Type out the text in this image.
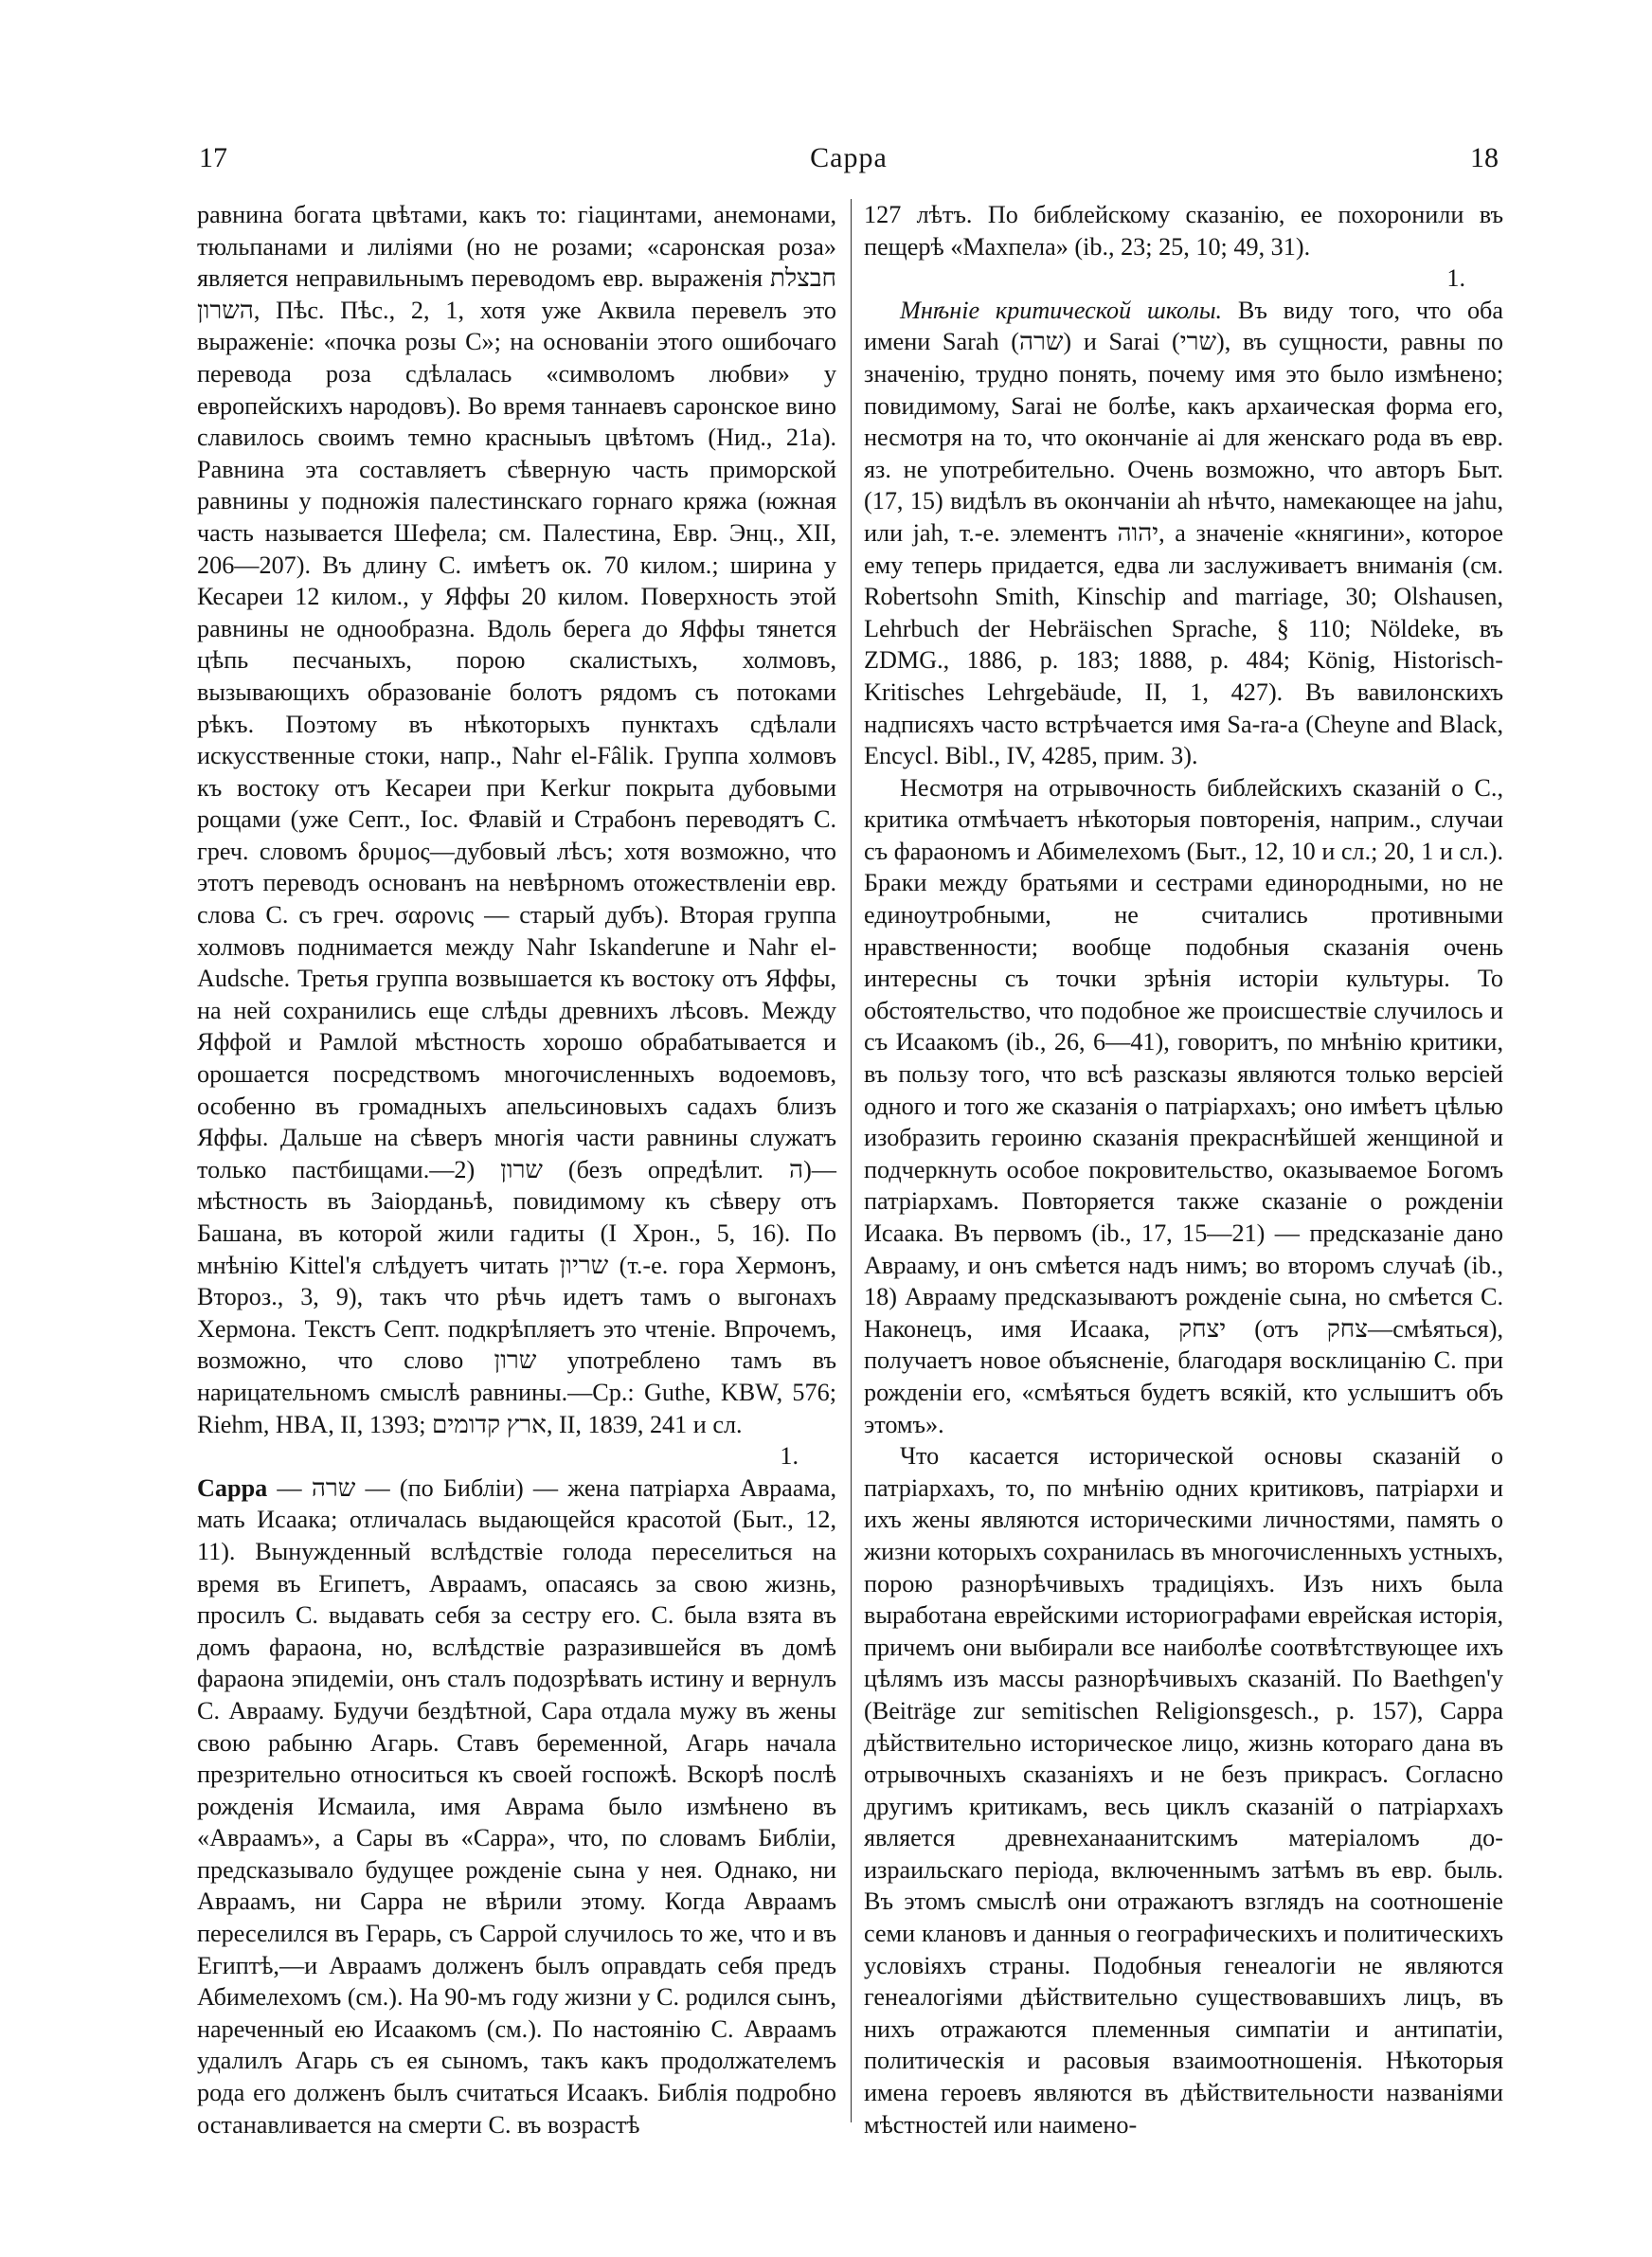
17	Сарра	18

равнина богата цвѣтами, какъ то: гіацинтами, анемонами, тюльпанами и лиліями (но не розами; «саронская роза» является неправильнымъ переводомъ евр. выраженія חבצלת השרון, Пѣс. Пѣс., 2, 1, хотя уже Аквила перевелъ это выраженіе: «почка розы С»; на основаніи этого ошибочаго перевода роза сдѣлалась «символомъ любви» у европейскихъ народовъ). Во время таннаевъ саронское вино славилось своимъ темно красныыъ цвѣтомъ (Нид., 21a). Равнина эта составляетъ сѣверную часть приморской равнины у подножія палестинскаго горнаго кряжа (южная часть называется Шефела; см. Палестина, Евр. Энц., XII, 206—207). Въ длину С. имѣетъ ок. 70 килом.; ширина у Кесареи 12 килом., у Яффы 20 килом. Поверхность этой равнины не однообразна. Вдоль берега до Яффы тянется цѣпь песчаныхъ, порою скалистыхъ, холмовъ, вызывающихъ образованіе болотъ рядомъ съ потоками рѣкъ. Поэтому въ нѣкоторыхъ пунктахъ сдѣлали искусственные стоки, напр., Nahr el-Fâlik. Группа холмовъ къ востоку отъ Кесареи при Kerkur покрыта дубовыми рощами (уже Септ., Іос. Флавій и Страбонъ переводятъ С. греч. словомъ δρυμος—дубовый лѣсъ; хотя возможно, что этотъ переводъ основанъ на невѣрномъ отожествленіи евр. слова С. съ греч. σαρονις — старый дубъ). Вторая группа холмовъ поднимается между Nahr Iskanderune и Nahr el-Audsche. Третья группа возвышается къ востоку отъ Яффы, на ней сохранились еще слѣды древнихъ лѣсовъ. Между Яффой и Рамлой мѣстность хорошо обрабатывается и орошается посредствомъ многочисленныхъ водоемовъ, особенно въ громадныхъ апельсиновыхъ садахъ близъ Яффы. Дальше на сѣверъ многія части равнины служатъ только пастбищами.—2) שרון (безъ опредѣлит. ה)—мѣстность въ Заіорданьѣ, повидимому къ сѣверу отъ Башана, въ которой жили гадиты (I Хрон., 5, 16). По мнѣнію Kittel'я слѣдуетъ читать שריון (т.-е. гора Хермонъ, Второз., 3, 9), такъ что рѣчь идетъ тамъ о выгонахъ Хермона. Текстъ Септ. подкрѣпляетъ это чтеніе. Впрочемъ, возможно, что слово שרון употреблено тамъ въ нарицательномъ смыслѣ равнины.—Ср.: Guthe, KBW, 576; Riehm, HBA, II, 1393; ארץ קדומים, II, 1839, 241 и сл.

1.

Сарра — שרה — (по Библіи) — жена патріарха Авраама, мать Исаака; отличалась выдающейся красотой (Быт., 12, 11). Вынужденный вслѣдствіе голода переселиться на время въ Египетъ, Авраамъ, опасаясь за свою жизнь, просилъ С. выдавать себя за сестру его. С. была взята въ домъ фараона, но, вслѣдствіе разразившейся въ домѣ фараона эпидеміи, онъ сталъ подозрѣвать истину и вернулъ С. Аврааму. Будучи бездѣтной, Сара отдала мужу въ жены свою рабыню Агарь. Ставъ беременной, Агарь начала презрительно относиться къ своей госпожѣ. Вскорѣ послѣ рожденія Исмаила, имя Аврама было измѣнено въ «Авраамъ», а Сары въ «Сарра», что, по словамъ Библіи, предсказывало будущее рожденіе сына у нея. Однако, ни Авраамъ, ни Сарра не вѣрили этому. Когда Авраамъ переселился въ Герарь, съ Саррой случилось то же, что и въ Египтѣ,—и Авраамъ долженъ былъ оправдать себя предъ Абимелехомъ (см.). На 90-мъ году жизни у С. родился сынъ, нареченный ею Исаакомъ (см.). По настоянію С. Авраамъ удалилъ Агарь съ ея сыномъ, такъ какъ продолжателемъ рода его долженъ былъ считаться Исаакъ. Библія подробно останавливается на смерти С. въ возрастѣ

127 лѣтъ. По библейскому сказанію, ее похоронили въ пещерѣ «Махпела» (ib., 23; 25, 10; 49, 31).

1.

Мнѣніе критической школы. Въ виду того, что оба имени Sarah (שרה) и Sarai (שרי), въ сущности, равны по значенію, трудно понять, почему имя это было измѣнено; повидимому, Sarai не болѣе, какъ архаическая форма его, несмотря на то, что окончаніе ai для женскаго рода въ евр. яз. не употребительно. Очень возможно, что авторъ Быт. (17, 15) видѣлъ въ окончаніи ah нѣчто, намекающее на jahu, или jah, т.-е. элементъ יהוה, а значеніе «княгини», которое ему теперь придается, едва ли заслуживаетъ вниманія (см. Robertsohn Smith, Kinschip and marriage, 30; Olshausen, Lehrbuch der Hebräischen Sprache, § 110; Nöldeke, въ ZDMG., 1886, p. 183; 1888, p. 484; König, Historisch-Kritisches Lehrgebäude, II, 1, 427). Въ вавилонскихъ надписяхъ часто встрѣчается имя Sa-ra-a (Cheyne and Black, Encycl. Bibl., IV, 4285, прим. 3).

Несмотря на отрывочность библейскихъ сказаній о С., критика отмѣчаетъ нѣкоторыя повторенія, наприм., случаи съ фараономъ и Абимелехомъ (Быт., 12, 10 и сл.; 20, 1 и сл.). Браки между братьями и сестрами единородными, но не единоутробными, не считались противными нравственности; вообще подобныя сказанія очень интересны съ точки зрѣнія исторіи культуры. То обстоятельство, что подобное же происшествіе случилось и съ Исаакомъ (ib., 26, 6—41), говоритъ, по мнѣнію критики, въ пользу того, что всѣ разсказы являются только версіей одного и того же сказанія о патріархахъ; оно имѣетъ цѣлью изобразить героиню сказанія прекраснѣйшей женщиной и подчеркнуть особое покровительство, оказываемое Богомъ патріархамъ. Повторяется также сказаніе о рожденіи Исаака. Въ первомъ (ib., 17, 15—21) — предсказаніе дано Аврааму, и онъ смѣется надъ нимъ; во второмъ случаѣ (ib., 18) Аврааму предсказываютъ рожденіе сына, но смѣется С. Наконецъ, имя Исаака, יצחק (отъ צחק—смѣяться), получаетъ новое объясненіе, благодаря восклицанію С. при рожденіи его, «смѣяться будетъ всякій, кто услышитъ объ этомъ».

Что касается исторической основы сказаній о патріархахъ, то, по мнѣнію одних критиковъ, патріархи и ихъ жены являются историческими личностями, память о жизни которыхъ сохранилась въ многочисленныхъ устныхъ, порою разнорѣчивыхъ традиціяхъ. Изъ нихъ была выработана еврейскими историографами еврейская исторія, причемъ они выбирали все наиболѣе соотвѣтствующее ихъ цѣлямъ изъ массы разнорѣчивыхъ сказаній. По Baethgen'у (Beiträge zur semitischen Religionsgesch., p. 157), Сарра дѣйствительно историческое лицо, жизнь котораго дана въ отрывочныхъ сказаніяхъ и не безъ прикрасъ. Согласно другимъ критикамъ, весь циклъ сказаній о патріархахъ является древнеханаанитскимъ матеріаломъ до-израильскаго періода, включеннымъ затѣмъ въ евр. быль. Въ этомъ смыслѣ они отражаютъ взглядъ на соотношеніе семи клановъ и данныя о географическихъ и политическихъ условіяхъ страны. Подобныя генеалогіи не являются генеалогіями дѣйствительно существовавшихъ лицъ, въ нихъ отражаются племенныя симпатіи и антипатіи, политическія и расовыя взаимоотношенія. Нѣкоторыя имена героевъ являются въ дѣйствительности названіями мѣстностей или наимено-
